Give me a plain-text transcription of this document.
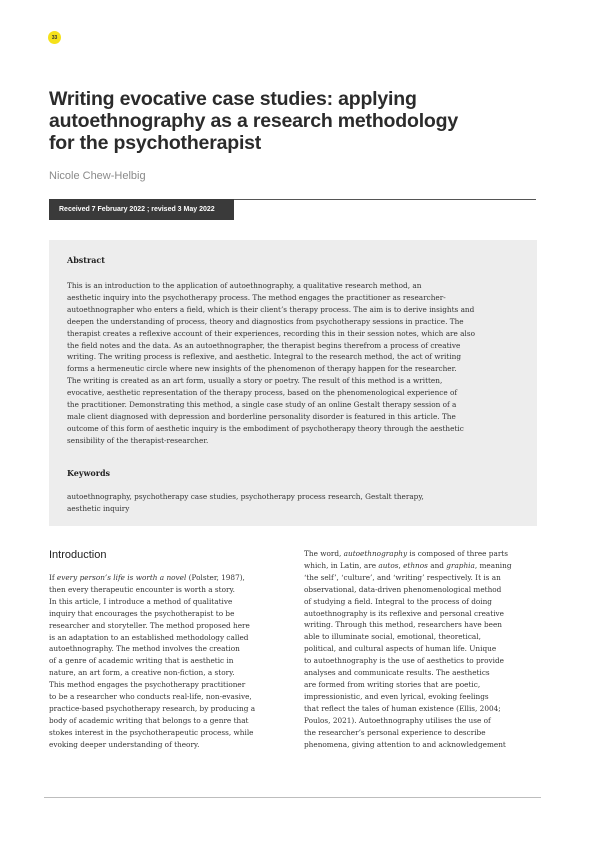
33
Writing evocative case studies: applying
autoethnography as a research methodology
for the psychotherapist
Nicole Chew-Helbig
Received 7 February 2022 ; revised 3 May 2022
Abstract

This is an introduction to the application of autoethnography, a qualitative research method, an
aesthetic inquiry into the psychotherapy process. The method engages the practitioner as researcher-
autoethnographer who enters a field, which is their client’s therapy process. The aim is to derive insights and
deepen the understanding of process, theory and diagnostics from psychotherapy sessions in practice. The
therapist creates a reflexive account of their experiences, recording this in their session notes, which are also
the field notes and the data. As an autoethnographer, the therapist begins therefrom a process of creative
writing. The writing process is reflexive, and aesthetic. Integral to the research method, the act of writing
forms a hermeneutic circle where new insights of the phenomenon of therapy happen for the researcher.
The writing is created as an art form, usually a story or poetry. The result of this method is a written,
evocative, aesthetic representation of the therapy process, based on the phenomenological experience of
the practitioner. Demonstrating this method, a single case study of an online Gestalt therapy session of a
male client diagnosed with depression and borderline personality disorder is featured in this article. The
outcome of this form of aesthetic inquiry is the embodiment of psychotherapy theory through the aesthetic
sensibility of the therapist-researcher.

Keywords

autoethnography, psychotherapy case studies, psychotherapy process research, Gestalt therapy,
aesthetic inquiry

Introduction

If every person’s life is worth a novel (Polster, 1987),
then every therapeutic encounter is worth a story.
In this article, I introduce a method of qualitative
inquiry that encourages the psychotherapist to be
researcher and storyteller. The method proposed here
is an adaptation to an established methodology called
autoethnography. The method involves the creation
of a genre of academic writing that is aesthetic in
nature, an art form, a creative non-fiction, a story.
This method engages the psychotherapy practitioner
to be a researcher who conducts real-life, non-evasive,
practice-based psychotherapy research, by producing a
body of academic writing that belongs to a genre that
stokes interest in the psychotherapeutic process, while
evoking deeper understanding of theory.

The word, autoethnography is composed of three parts
which, in Latin, are autos, ethnos and graphia, meaning
‘the self’, ‘culture’, and ‘writing’ respectively. It is an
observational, data-driven phenomenological method
of studying a field. Integral to the process of doing
autoethnography is its reflexive and personal creative
writing. Through this method, researchers have been
able to illuminate social, emotional, theoretical,
political, and cultural aspects of human life. Unique
to autoethnography is the use of aesthetics to provide
analyses and communicate results. The aesthetics
are formed from writing stories that are poetic,
impressionistic, and even lyrical, evoking feelings
that reflect the tales of human existence (Ellis, 2004;
Poulos, 2021). Autoethnography utilises the use of
the researcher’s personal experience to describe
phenomena, giving attention to and acknowledgement
